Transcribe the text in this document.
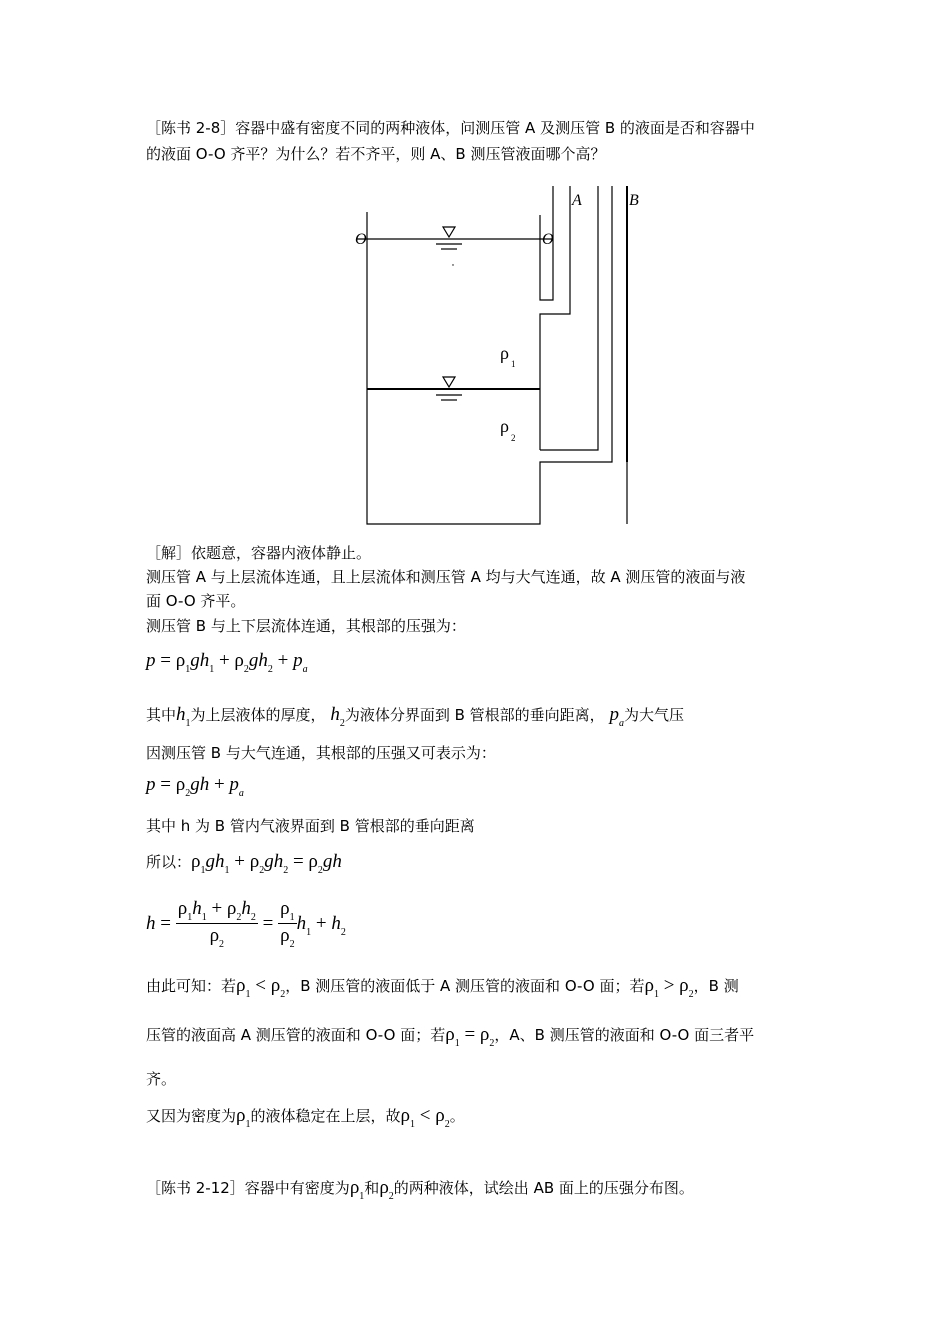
［陈书 2-8］容器中盛有密度不同的两种液体，问测压管 A 及测压管 B 的液面是否和容器中
的液面 O-O 齐平？为什么？若不齐平，则 A、B 测压管液面哪个高？
A	B
O	O
ρ
1
ρ
2
［解］依题意，容器内液体静止。
测压管 A 与上层流体连通，且上层流体和测压管 A 均与大气连通，故 A 测压管的液面与液
面 O-O 齐平。
测压管 B 与上下层流体连通，其根部的压强为：
$p = \rho_1gh_1 + \rho_2gh_2 + p_a$
其中$h_1$为上层液体的厚度， $h_2$为液体分界面到 B 管根部的垂向距离， $p_a$为大气压
因测压管 B 与大气连通，其根部的压强又可表示为：
$p = \rho_2gh + p_a$
其中 h 为 B 管内气液界面到 B 管根部的垂向距离
所以：$\rho_1gh_1 + \rho_2gh_2 = \rho_2gh$
$h = \frac{\rho_1h_1 + \rho_2h_2}{\rho_2} = \frac{\rho_1}{\rho_2} h_1 + h_2$
由此可知：若$\rho_1 < \rho_2$，B 测压管的液面低于 A 测压管的液面和 O-O 面；若$\rho_1 > \rho_2$，B 测
压管的液面高 A 测压管的液面和 O-O 面；若$\rho_1 = \rho_2$，A、B 测压管的液面和 O-O 面三者平
齐。
又因为密度为$\rho_1$的液体稳定在上层，故$\rho_1 < \rho_2$。
［陈书 2-12］容器中有密度为$\rho_1$和$\rho_2$的两种液体，试绘出 AB 面上的压强分布图。
